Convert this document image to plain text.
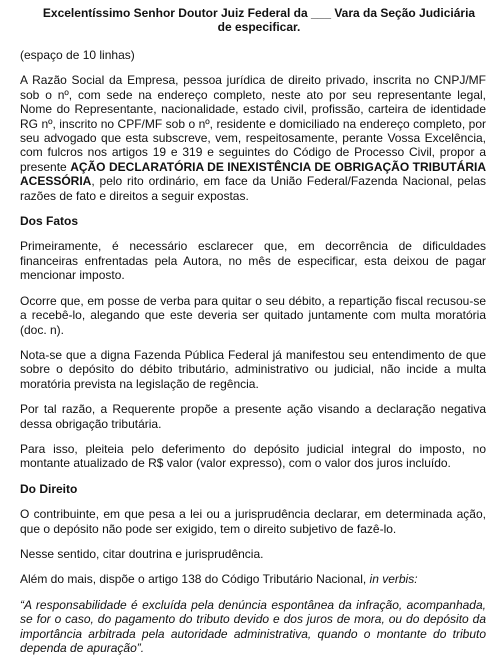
Excelentíssimo Senhor Doutor Juiz Federal da ___ Vara da Seção Judiciária
de especificar.

(espaço de 10 linhas)

A Razão Social da Empresa, pessoa jurídica de direito privado, inscrita no CNPJ/MF sob o nº, com sede na endereço completo, neste ato por seu representante legal, Nome do Representante, nacionalidade, estado civil, profissão, carteira de identidade RG nº, inscrito no CPF/MF sob o nº, residente e domiciliado na endereço completo, por seu advogado que esta subscreve, vem, respeitosamente, perante Vossa Excelência, com fulcros nos artigos 19 e 319 e seguintes do Código de Processo Civil, propor a presente AÇÃO DECLARATÓRIA DE INEXISTÊNCIA DE OBRIGAÇÃO TRIBUTÁRIA ACESSÓRIA, pelo rito ordinário, em face da União Federal/Fazenda Nacional, pelas razões de fato e direitos a seguir expostas.

Dos Fatos

Primeiramente, é necessário esclarecer que, em decorrência de dificuldades financeiras enfrentadas pela Autora, no mês de especificar, esta deixou de pagar mencionar imposto.

Ocorre que, em posse de verba para quitar o seu débito, a repartição fiscal recusou-se a recebê-lo, alegando que este deveria ser quitado juntamente com multa moratória (doc. n).

Nota-se que a digna Fazenda Pública Federal já manifestou seu entendimento de que sobre o depósito do débito tributário, administrativo ou judicial, não incide a multa moratória prevista na legislação de regência.

Por tal razão, a Requerente propõe a presente ação visando a declaração negativa dessa obrigação tributária.

Para isso, pleiteia pelo deferimento do depósito judicial integral do imposto, no montante atualizado de R$ valor (valor expresso), com o valor dos juros incluído.

Do Direito

O contribuinte, em que pesa a lei ou a jurisprudência declarar, em determinada ação, que o depósito não pode ser exigido, tem o direito subjetivo de fazê-lo.

Nesse sentido, citar doutrina e jurisprudência.

Além do mais, dispõe o artigo 138 do Código Tributário Nacional, in verbis:

“A responsabilidade é excluída pela denúncia espontânea da infração, acompanhada, se for o caso, do pagamento do tributo devido e dos juros de mora, ou do depósito da importância arbitrada pela autoridade administrativa, quando o montante do tributo dependa de apuração”.
